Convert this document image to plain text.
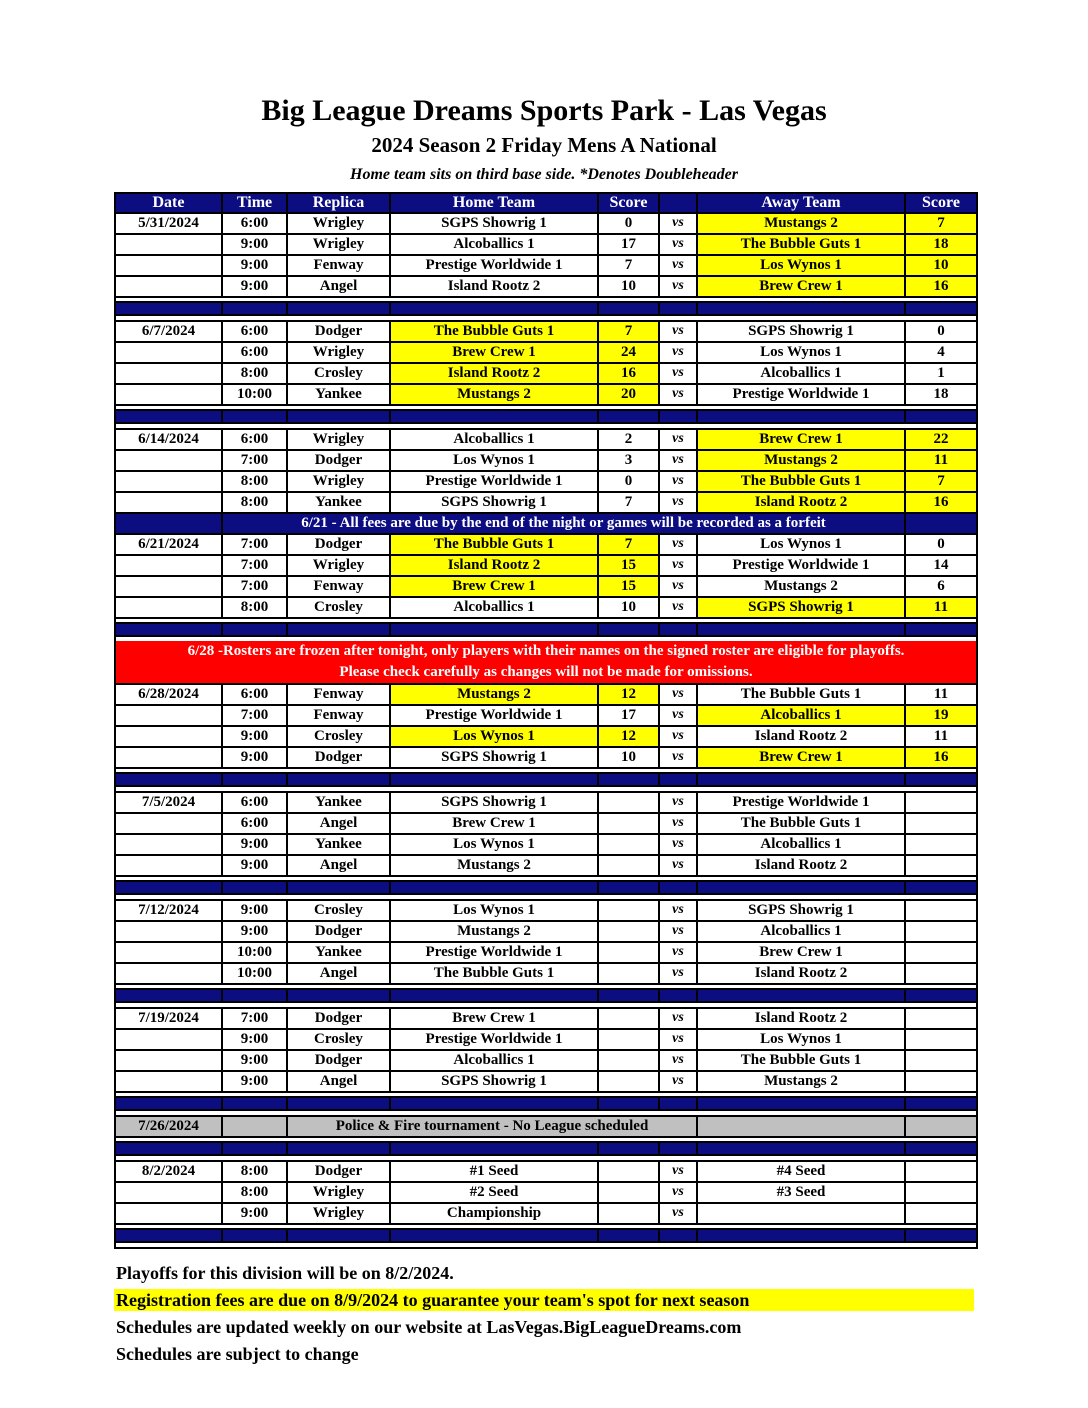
Big League Dreams Sports Park - Las Vegas
2024 Season 2 Friday Mens A National
Home team sits on third base side. *Denotes Doubleheader
Date	Time	Replica	Home Team	Score	Away Team	Score
5/31/2024	6:00	Wrigley	SGPS Showrig 1	0	vs	Mustangs 2	7
9:00	Wrigley	Alcoballics 1	17	vs	The Bubble Guts 1	18
9:00	Fenway	Prestige Worldwide 1	7	vs	Los Wynos 1	10
9:00	Angel	Island Rootz 2	10	vs	Brew Crew 1	16
6/7/2024	6:00	Dodger	The Bubble Guts 1	7	vs	SGPS Showrig 1	0
6:00	Wrigley	Brew Crew 1	24	vs	Los Wynos 1	4
8:00	Crosley	Island Rootz 2	16	vs	Alcoballics 1	1
10:00	Yankee	Mustangs 2	20	vs	Prestige Worldwide 1	18
6/14/2024	6:00	Wrigley	Alcoballics 1	2	vs	Brew Crew 1	22
7:00	Dodger	Los Wynos 1	3	vs	Mustangs 2	11
8:00	Wrigley	Prestige Worldwide 1	0	vs	The Bubble Guts 1	7
8:00	Yankee	SGPS Showrig 1	7	vs	Island Rootz 2	16
6/21 - All fees are due by the end of the night or games will be recorded as a forfeit
6/21/2024	7:00	Dodger	The Bubble Guts 1	7	vs	Los Wynos 1	0
7:00	Wrigley	Island Rootz 2	15	vs	Prestige Worldwide 1	14
7:00	Fenway	Brew Crew 1	15	vs	Mustangs 2	6
8:00	Crosley	Alcoballics 1	10	vs	SGPS Showrig 1	11
6/28 -Rosters are frozen after tonight, only players with their names on the signed roster are eligible for playoffs.
Please check carefully as changes will not be made for omissions.
6/28/2024	6:00	Fenway	Mustangs 2	12	vs	The Bubble Guts 1	11
7:00	Fenway	Prestige Worldwide 1	17	vs	Alcoballics 1	19
9:00	Crosley	Los Wynos 1	12	vs	Island Rootz 2	11
9:00	Dodger	SGPS Showrig 1	10	vs	Brew Crew 1	16
7/5/2024	6:00	Yankee	SGPS Showrig 1	vs	Prestige Worldwide 1
6:00	Angel	Brew Crew 1	vs	The Bubble Guts 1
9:00	Yankee	Los Wynos 1	vs	Alcoballics 1
9:00	Angel	Mustangs 2	vs	Island Rootz 2
7/12/2024	9:00	Crosley	Los Wynos 1	vs	SGPS Showrig 1
9:00	Dodger	Mustangs 2	vs	Alcoballics 1
10:00	Yankee	Prestige Worldwide 1	vs	Brew Crew 1
10:00	Angel	The Bubble Guts 1	vs	Island Rootz 2
7/19/2024	7:00	Dodger	Brew Crew 1	vs	Island Rootz 2
9:00	Crosley	Prestige Worldwide 1	vs	Los Wynos 1
9:00	Dodger	Alcoballics 1	vs	The Bubble Guts 1
9:00	Angel	SGPS Showrig 1	vs	Mustangs 2
7/26/2024	Police & Fire tournament - No League scheduled
8/2/2024	8:00	Dodger	#1 Seed	vs	#4 Seed
8:00	Wrigley	#2 Seed	vs	#3 Seed
9:00	Wrigley	Championship	vs
Playoffs for this division will be on 8/2/2024.
Registration fees are due on 8/9/2024 to guarantee your team's spot for next season
Schedules are updated weekly on our website at LasVegas.BigLeagueDreams.com
Schedules are subject to change
